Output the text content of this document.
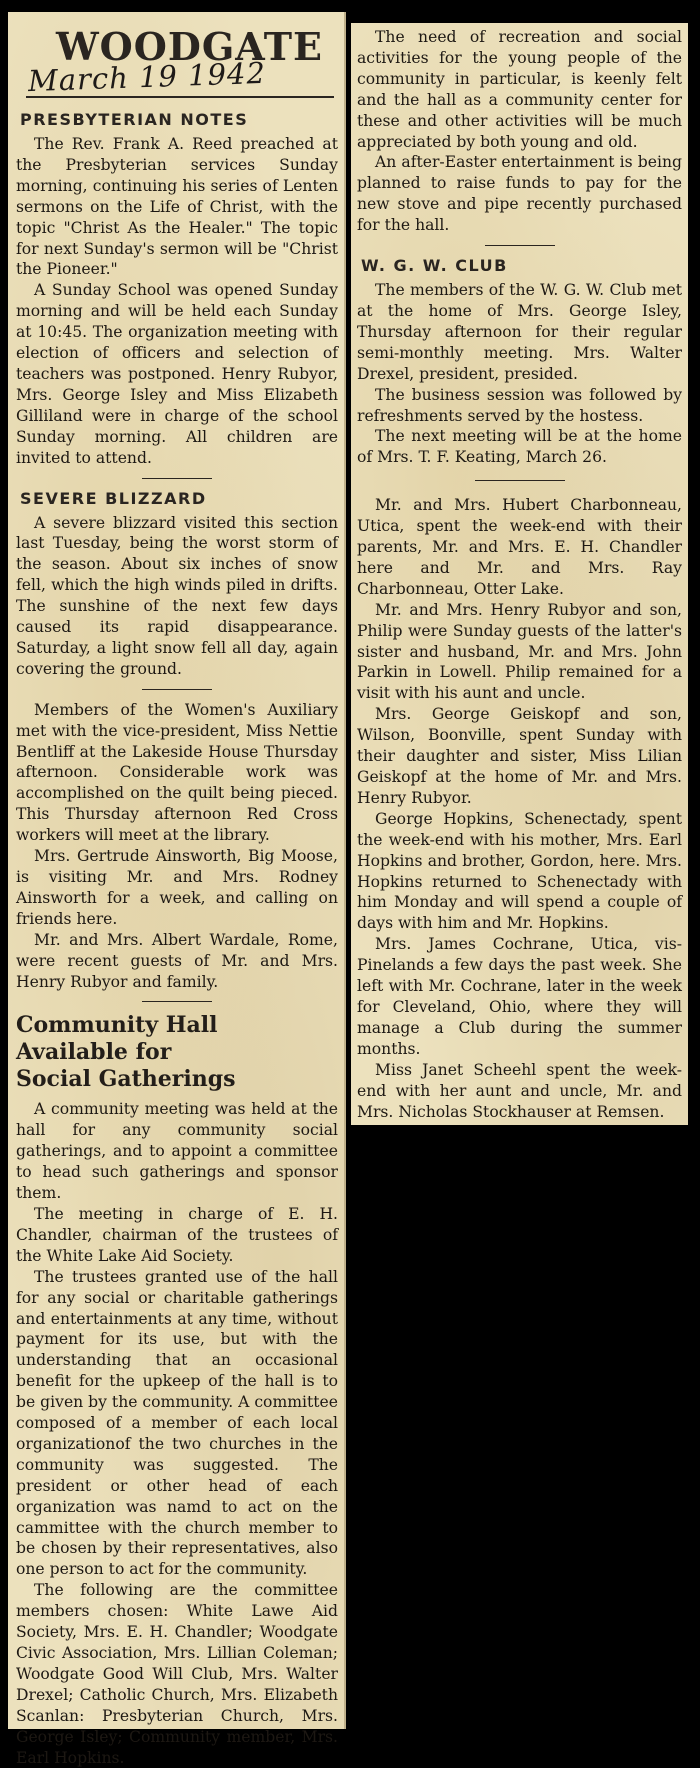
WOODGATE
March 19 1942
PRESBYTERIAN NOTES

The Rev. Frank A. Reed preached at the Presbyterian services Sunday morning, continuing his series of Lenten sermons on the Life of Christ, with the topic "Christ As the Healer." The topic for next Sunday's sermon will be "Christ the Pioneer."

A Sunday School was opened Sunday morning and will be held each Sunday at 10:45. The organization meeting with election of officers and selection of teachers was postponed. Henry Rubyor, Mrs. George Isley and Miss Elizabeth Gilliland were in charge of the school Sunday morning. All children are invited to attend.

SEVERE BLIZZARD

A severe blizzard visited this section last Tuesday, being the worst storm of the season. About six inches of snow fell, which the high winds piled in drifts. The sunshine of the next few days caused its rapid disappearance. Saturday, a light snow fell all day, again covering the ground.

Members of the Women's Auxiliary met with the vice-president, Miss Nettie Bentliff at the Lakeside House Thursday afternoon. Considerable work was accomplished on the quilt being pieced. This Thursday afternoon Red Cross workers will meet at the library.

Mrs. Gertrude Ainsworth, Big Moose, is visiting Mr. and Mrs. Rodney Ainsworth for a week, and calling on friends here.

Mr. and Mrs. Albert Wardale, Rome, were recent guests of Mr. and Mrs. Henry Rubyor and family.

Community Hall
Available for
Social Gatherings

A community meeting was held at the hall for any community social gatherings, and to appoint a committee to head such gatherings and sponsor them.

The meeting in charge of E. H. Chandler, chairman of the trustees of the White Lake Aid Society.

The trustees granted use of the hall for any social or charitable gatherings and entertainments at any time, without payment for its use, but with the understanding that an occasional benefit for the upkeep of the hall is to be given by the community. A committee composed of a member of each local organizationof the two churches in the community was suggested. The president or other head of each organization was namd to act on the cammittee with the church member to be chosen by their representatives, also one person to act for the community.

The following are the committee members chosen: White Lawe Aid Society, Mrs. E. H. Chandler; Woodgate Civic Association, Mrs. Lillian Coleman; Woodgate Good Will Club, Mrs. Walter Drexel; Catholic Church, Mrs. Elizabeth Scanlan: Presbyterian Church, Mrs. George Isley; Community member, Mrs. Earl Hopkins.

The need of recreation and social activities for the young people of the community in particular, is keenly felt and the hall as a community center for these and other activities will be much appreciated by both young and old.

An after-Easter entertainment is being planned to raise funds to pay for the new stove and pipe recently purchased for the hall.

W. G. W. CLUB

The members of the W. G. W. Club met at the home of Mrs. George Isley, Thursday afternoon for their regular semi-monthly meeting. Mrs. Walter Drexel, president, presided.

The business session was followed by refreshments served by the hostess.

The next meeting will be at the home of Mrs. T. F. Keating, March 26.

Mr. and Mrs. Hubert Charbonneau, Utica, spent the week-end with their parents, Mr. and Mrs. E. H. Chandler here and Mr. and Mrs. Ray Charbonneau, Otter Lake.

Mr. and Mrs. Henry Rubyor and son, Philip were Sunday guests of the latter's sister and husband, Mr. and Mrs. John Parkin in Lowell. Philip remained for a visit with his aunt and uncle.

Mrs. George Geiskopf and son, Wilson, Boonville, spent Sunday with their daughter and sister, Miss Lilian Geiskopf at the home of Mr. and Mrs. Henry Rubyor.

George Hopkins, Schenectady, spent the week-end with his mother, Mrs. Earl Hopkins and brother, Gordon, here. Mrs. Hopkins returned to Schenectady with him Monday and will spend a couple of days with him and Mr. Hopkins.

Mrs. James Cochrane, Utica, vis-Pinelands a few days the past week. She left with Mr. Cochrane, later in the week for Cleveland, Ohio, where they will manage a Club during the summer months.

Miss Janet Scheehl spent the week-end with her aunt and uncle, Mr. and Mrs. Nicholas Stockhauser at Remsen.
